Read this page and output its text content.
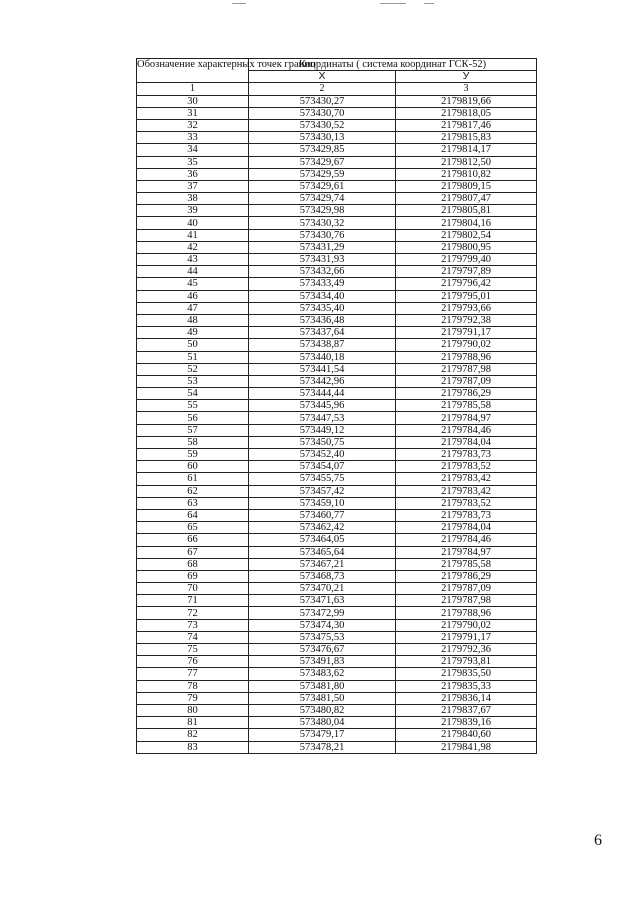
Обозначение характерных точек границ	Координаты ( система координат ГСК-52)	
	X	У
1	2	3
30	573430,27	2179819,66
31	573430,70	2179818,05
32	573430,52	2179817,46
33	573430,13	2179815,83
34	573429,85	2179814,17
35	573429,67	2179812,50
36	573429,59	2179810,82
37	573429,61	2179809,15
38	573429,74	2179807,47
39	573429,98	2179805,81
40	573430,32	2179804,16
41	573430,76	2179802,54
42	573431,29	2179800,95
43	573431,93	2179799,40
44	573432,66	2179797,89
45	573433,49	2179796,42
46	573434,40	2179795,01
47	573435,40	2179793,66
48	573436,48	2179792,38
49	573437,64	2179791,17
50	573438,87	2179790,02
51	573440,18	2179788,96
52	573441,54	2179787,98
53	573442,96	2179787,09
54	573444,44	2179786,29
55	573445,96	2179785,58
56	573447,53	2179784,97
57	573449,12	2179784,46
58	573450,75	2179784,04
59	573452,40	2179783,73
60	573454,07	2179783,52
61	573455,75	2179783,42
62	573457,42	2179783,42
63	573459,10	2179783,52
64	573460,77	2179783,73
65	573462,42	2179784,04
66	573464,05	2179784,46
67	573465,64	2179784,97
68	573467,21	2179785,58
69	573468,73	2179786,29
70	573470,21	2179787,09
71	573471,63	2179787,98
72	573472,99	2179788,96
73	573474,30	2179790,02
74	573475,53	2179791,17
75	573476,67	2179792,36
76	573491,83	2179793,81
77	573483,62	2179835,50
78	573481,80	2179835,33
79	573481,50	2179836,14
80	573480,82	2179837,67
81	573480,04	2179839,16
82	573479,17	2179840,60
83	573478,21	2179841,98
6
